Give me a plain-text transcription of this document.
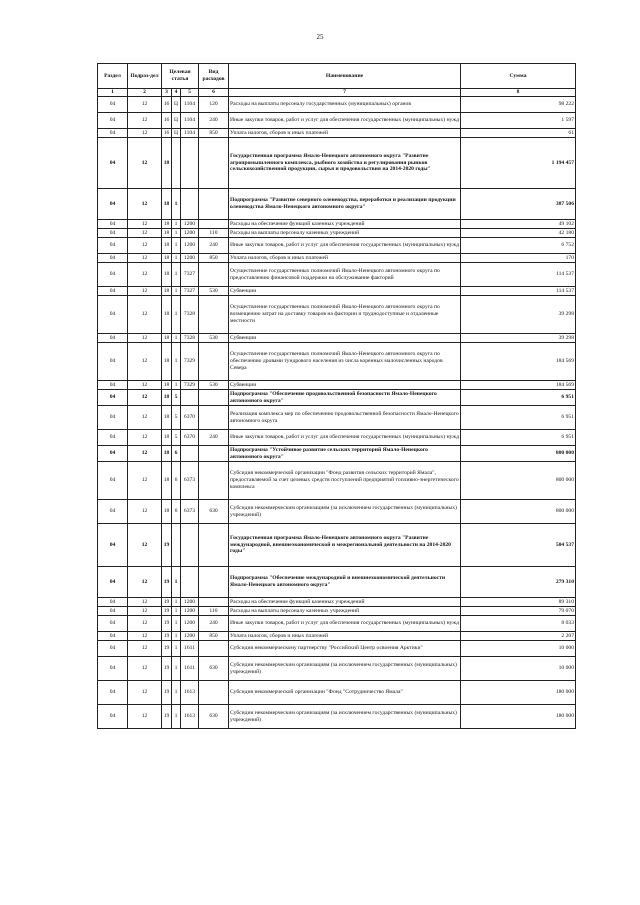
25
Раздел	Подраз-дел	Целевая статья			Вид расходов	Наименование	Сумма
1	2	3	4	5	6	7	8
04	12	16	Ц	1104	120	Расходы на выплаты персоналу государственных (муниципальных) органов	98 222
04	12	16	Ц	1104	240	Иные закупки товаров, работ и услуг для обеспечения государственных (муниципальных) нужд	1 597
04	12	16	Ц	1104	850	Уплата налогов, сборов и иных платежей	61
04	12	18				Государственная программа Ямало-Ненецкого автономного округа "Развитие агропромышленного комплекса, рыбного хозяйства и регулирования рынков сельскохозяйственной продукции, сырья и продовольствия на 2014-2020 годы"	1 194 457
04	12	18	1			Подпрограмма "Развитие северного оленеводства, переработки и реализации продукции оленеводства Ямало-Ненецкого автономного округа"	387 506
04	12	18	1	1200		Расходы на обеспечение функций казенных учреждений	49 102
04	12	18	1	1200	110	Расходы на выплаты персоналу казенных учреждений	42 180
04	12	18	1	1200	240	Иные закупки товаров, работ и услуг для обеспечения государственных (муниципальных) нужд	6 752
04	12	18	1	1200	850	Уплата налогов, сборов и иных платежей	170
04	12	18	1	7327		Осуществление государственных полномочий Ямало-Ненецкого автономного округа по предоставлению финансовой поддержки на обслуживание факторий	114 537
04	12	18	1	7327	530	Субвенции	114 537
04	12	18	1	7328		Осуществление государственных полномочий Ямало-Ненецкого автономного округа по возмещению затрат на доставку товаров на фактории и труднодоступные и отдаленные местности	39 298
04	12	18	1	7328	530	Субвенции	39 298
04	12	18	1	7329		Осуществление государственных полномочий Ямало-Ненецкого автономного округа по обеспечению дровами тундрового населения из числа коренных малочисленных народов Севера	184 569
04	12	18	1	7329	530	Субвенции	184 569
04	12	18	5			Подпрограмма "Обеспечение продовольственной безопасности Ямало-Ненецкого автономного округа"	6 951
04	12	18	5	6370		Реализация комплекса мер по обеспечению продовольственной безопасности Ямало-Ненецкого автономного округа	6 951
04	12	18	5	6370	240	Иные закупки товаров, работ и услуг для обеспечения государственных (муниципальных) нужд	6 951
04	12	18	6			Подпрограмма "Устойчивое развитие сельских территорий Ямало-Ненецкого автономного округа"	800 000
04	12	18	6	6373		Субсидия некоммерческой организации "Фонд развития сельских территорий Ямала", предоставляемой за счет целевых средств поступлений предприятий топливно-энергетического комплекса	800 000
04	12	18	6	6373	630	Субсидии некоммерческим организациям (за исключением государственных (муниципальных) учреждений)	800 000
04	12	19				Государственная программа Ямало-Ненецкого автономного округа "Развитие международной, внешнеэкономической и межрегиональной деятельности на 2014-2020 годы"	504 537
04	12	19	1			Подпрограмма "Обеспечение международной и внешнеэкономической деятельности Ямало-Ненецкого автономного округа"	279 310
04	12	19	1	1200		Расходы на обеспечение функций казенных учреждений	89 310
04	12	19	1	1200	110	Расходы на выплаты персоналу казенных учреждений	79 070
04	12	19	1	1200	240	Иные закупки товаров, работ и услуг для обеспечения государственных (муниципальных) нужд	8 033
04	12	19	1	1200	850	Уплата налогов, сборов и иных платежей	2 207
04	12	19	1	1611		Субсидия некоммерческому партнерству "Российский Центр освоения Арктики"	10 000
04	12	19	1	1611	630	Субсидии некоммерческим организациям (за исключением государственных (муниципальных) учреждений)	10 000
04	12	19	1	1613		Субсидия некоммерческой организации "Фонд "Сотрудничество Ямала"	180 000
04	12	19	1	1613	630	Субсидии некоммерческим организациям (за исключением государственных (муниципальных) учреждений)	180 000
